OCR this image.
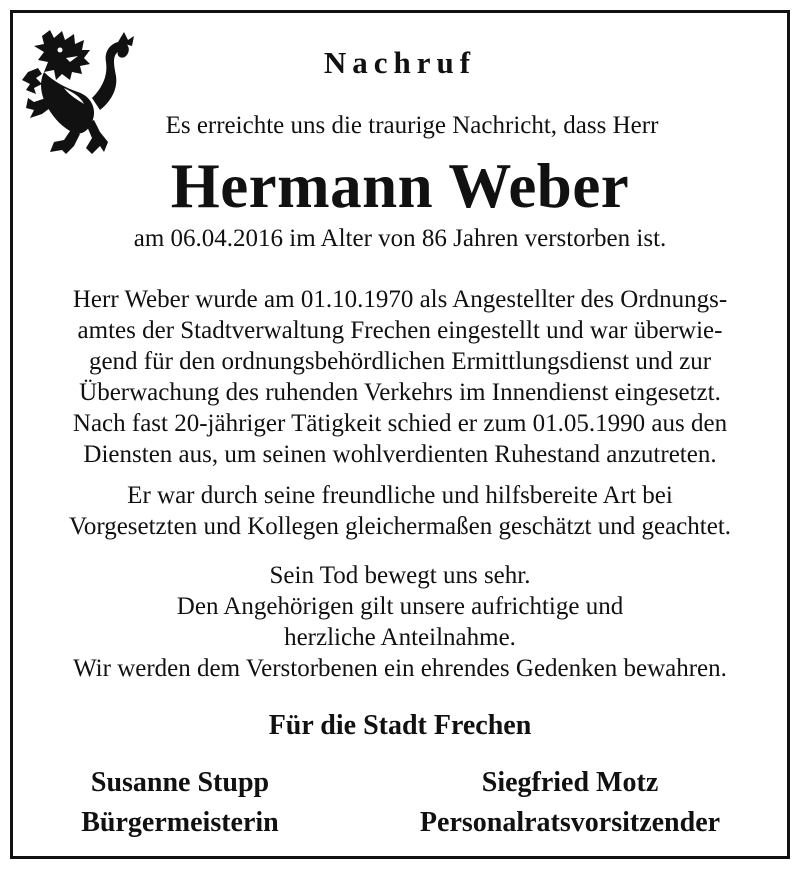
Nachruf

Es erreichte uns die traurige Nachricht, dass Herr

Hermann Weber

am 06.04.2016 im Alter von 86 Jahren verstorben ist.

Herr Weber wurde am 01.10.1970 als Angestellter des Ordnungs-
amtes der Stadtverwaltung Frechen eingestellt und war überwie-
gend für den ordnungsbehördlichen Ermittlungsdienst und zur
Überwachung des ruhenden Verkehrs im Innendienst eingesetzt.
Nach fast 20-jähriger Tätigkeit schied er zum 01.05.1990 aus den
Diensten aus, um seinen wohlverdienten Ruhestand anzutreten.
Er war durch seine freundliche und hilfsbereite Art bei
Vorgesetzten und Kollegen gleichermaßen geschätzt und geachtet.
Sein Tod bewegt uns sehr.
Den Angehörigen gilt unsere aufrichtige und
herzliche Anteilnahme.
Wir werden dem Verstorbenen ein ehrendes Gedenken bewahren.

Für die Stadt Frechen

Susanne Stupp
Bürgermeisterin
Siegfried Motz
Personalratsvorsitzender
